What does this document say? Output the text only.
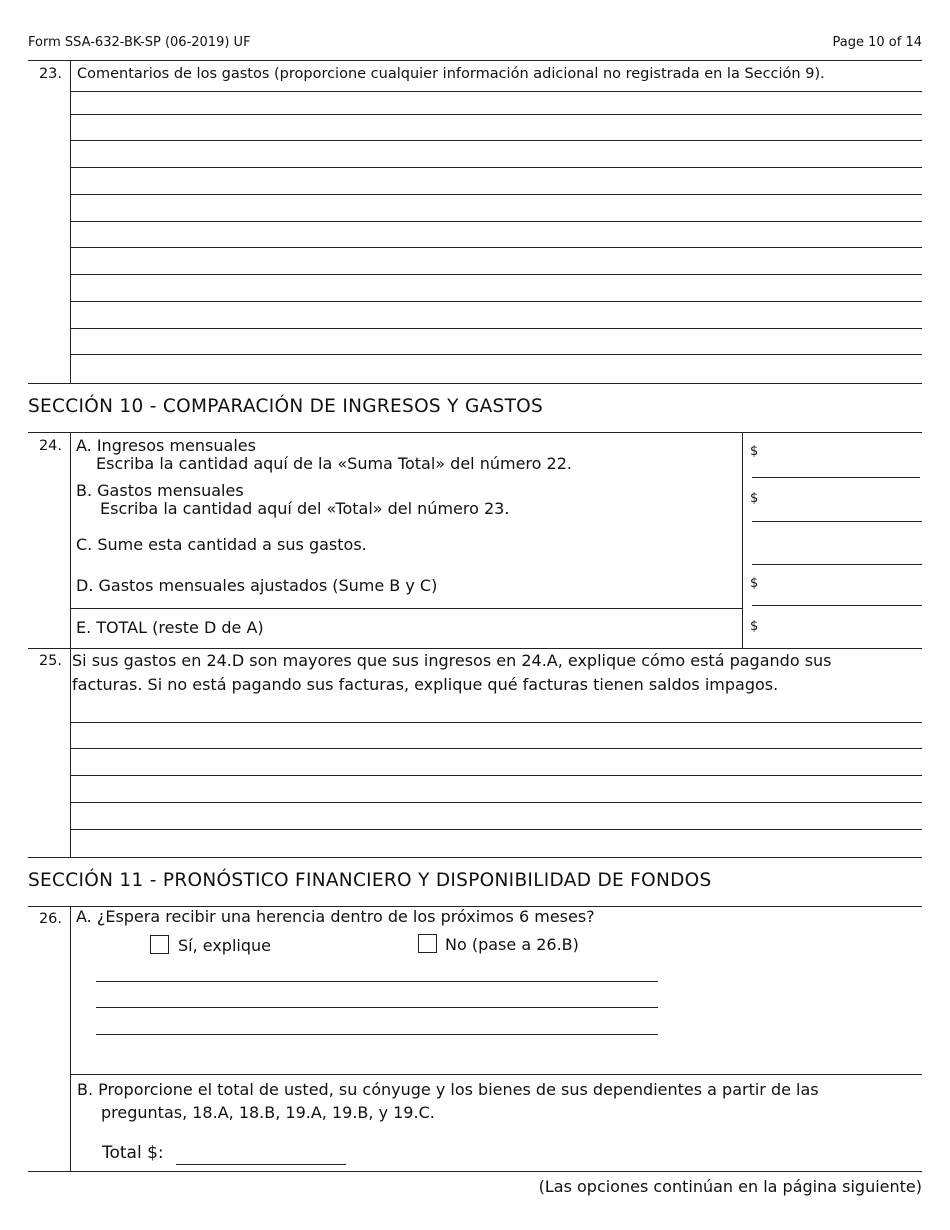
Form SSA-632-BK-SP (06-2019) UF	Page 10 of 14
23. Comentarios de los gastos (proporcione cualquier información adicional no registrada en la Sección 9).
SECCIÓN 10 - COMPARACIÓN DE INGRESOS Y GASTOS
24. A. Ingresos mensuales
Escriba la cantidad aquí de la «Suma Total» del número 22.
B. Gastos mensuales
Escriba la cantidad aquí del «Total» del número 23.
C. Sume esta cantidad a sus gastos.
D. Gastos mensuales ajustados (Sume B y C)
E. TOTAL (reste D de A)
$
$
$
$
25. Si sus gastos en 24.D son mayores que sus ingresos en 24.A, explique cómo está pagando sus
facturas. Si no está pagando sus facturas, explique qué facturas tienen saldos impagos.
SECCIÓN 11 - PRONÓSTICO FINANCIERO Y DISPONIBILIDAD DE FONDOS
26. A. ¿Espera recibir una herencia dentro de los próximos 6 meses?
Sí, explique	No (pase a 26.B)
B. Proporcione el total de usted, su cónyuge y los bienes de sus dependientes a partir de las
preguntas, 18.A, 18.B, 19.A, 19.B, y 19.C.
Total $:
(Las opciones continúan en la página siguiente)
